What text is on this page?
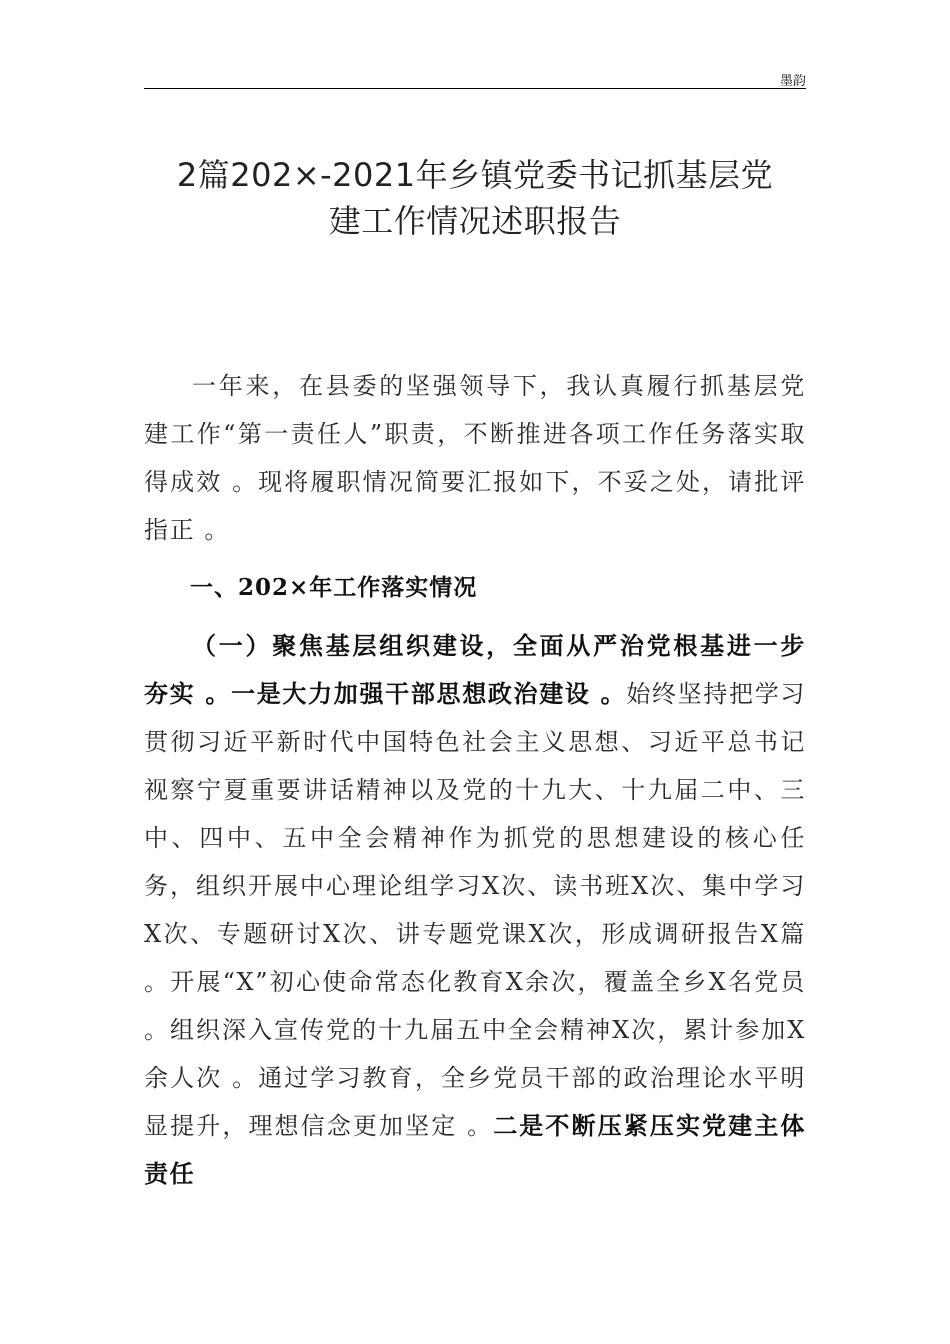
墨韵
2篇202×-2021年乡镇党委书记抓基层党
建工作情况述职报告

一年来，在县委的坚强领导下，我认真履行抓基层党建工作“第一责任人”职责，不断推进各项工作任务落实取得成效 。现将履职情况简要汇报如下，不妥之处，请批评指正 。

一、202×年工作落实情况

（一）聚焦基层组织建设，全面从严治党根基进一步夯实 。一是大力加强干部思想政治建设 。始终坚持把学习贯彻习近平新时代中国特色社会主义思想、习近平总书记视察宁夏重要讲话精神以及党的十九大、十九届二中、三中、四中、五中全会精神作为抓党的思想建设的核心任务，组织开展中心理论组学习X次、读书班X次、集中学习X次、专题研讨X次、讲专题党课X次，形成调研报告X篇 。开展“X”初心使命常态化教育X余次，覆盖全乡X名党员 。组织深入宣传党的十九届五中全会精神X次，累计参加X余人次 。通过学习教育，全乡党员干部的政治理论水平明显提升，理想信念更加坚定 。二是不断压紧压实党建主体责任
